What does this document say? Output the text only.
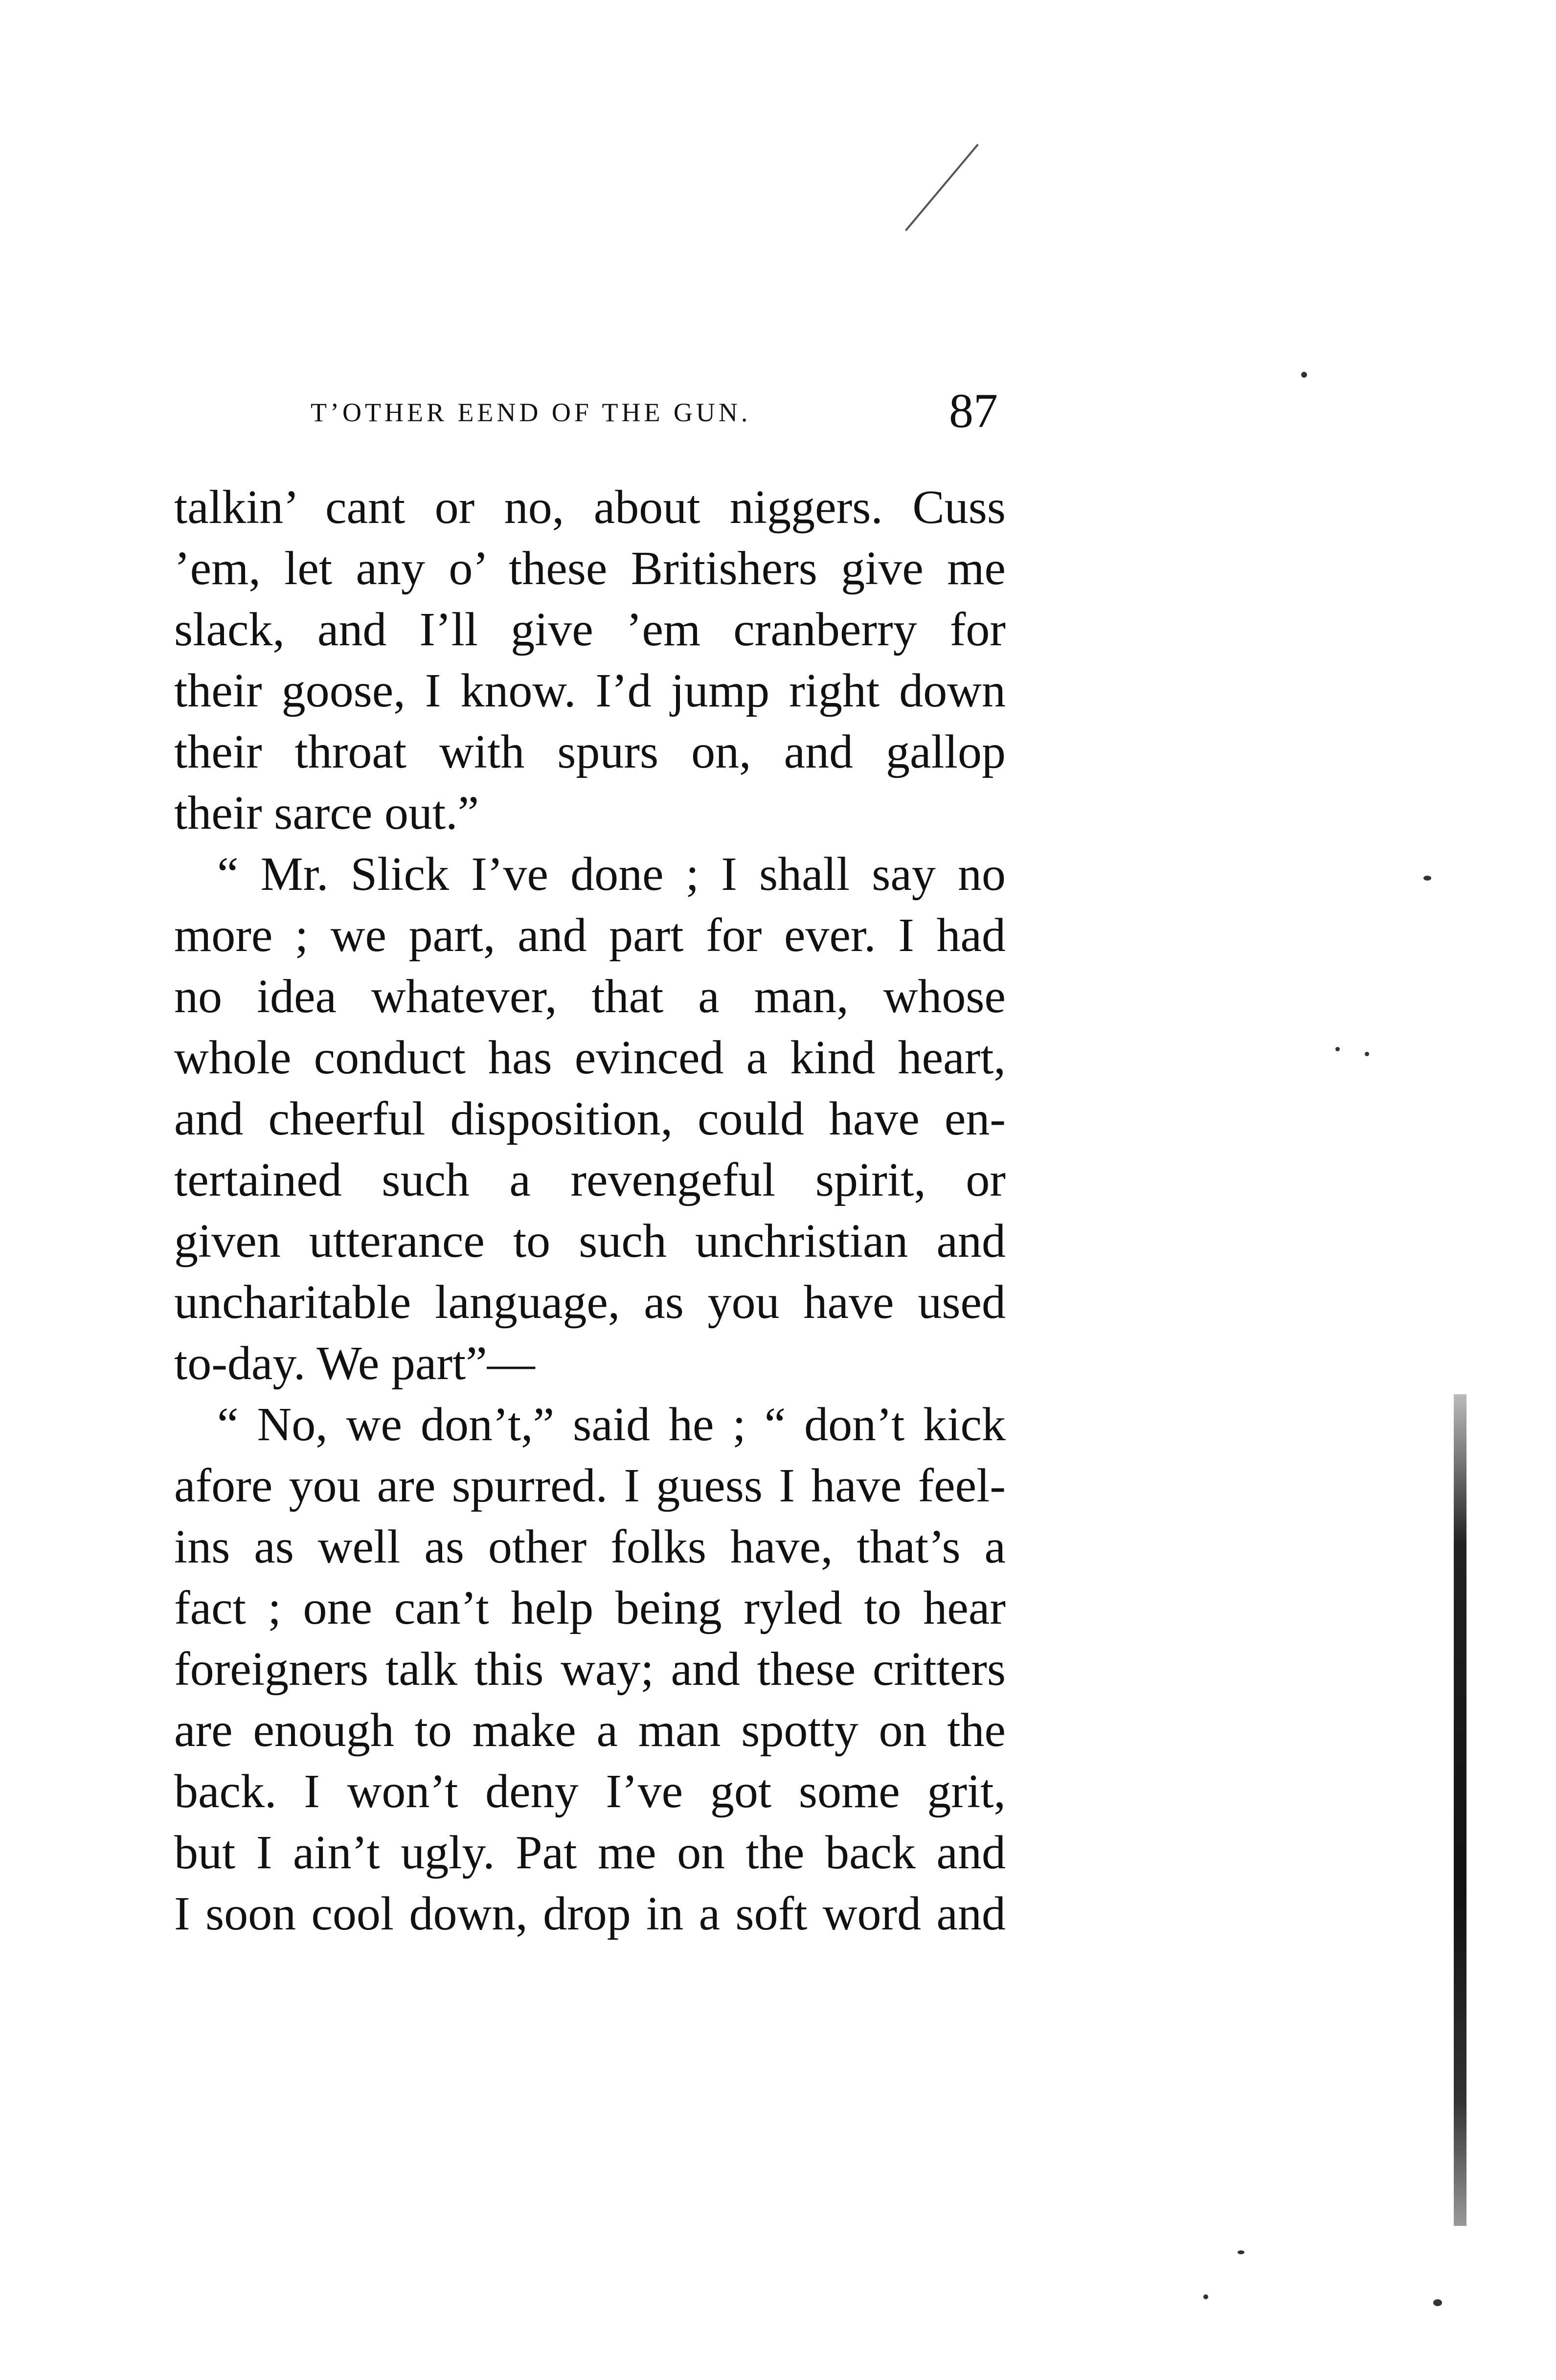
T’OTHER EEND OF THE GUN.	87
talkin’ cant or no, about niggers. Cuss
’em, let any o’ these Britishers give me
slack, and I’ll give ’em cranberry for
their goose, I know. I’d jump right down
their throat with spurs on, and gallop
their sarce out.”
“ Mr. Slick I’ve done ; I shall say no
more ; we part, and part for ever. I had
no idea whatever, that a man, whose
whole conduct has evinced a kind heart,
and cheerful disposition, could have en-
tertained such a revengeful spirit, or
given utterance to such unchristian and
uncharitable language, as you have used
to-day. We part”—
“ No, we don’t,” said he ; “ don’t kick
afore you are spurred. I guess I have feel-
ins as well as other folks have, that’s a
fact ; one can’t help being ryled to hear
foreigners talk this way; and these critters
are enough to make a man spotty on the
back. I won’t deny I’ve got some grit,
but I ain’t ugly. Pat me on the back and
I soon cool down, drop in a soft word and
